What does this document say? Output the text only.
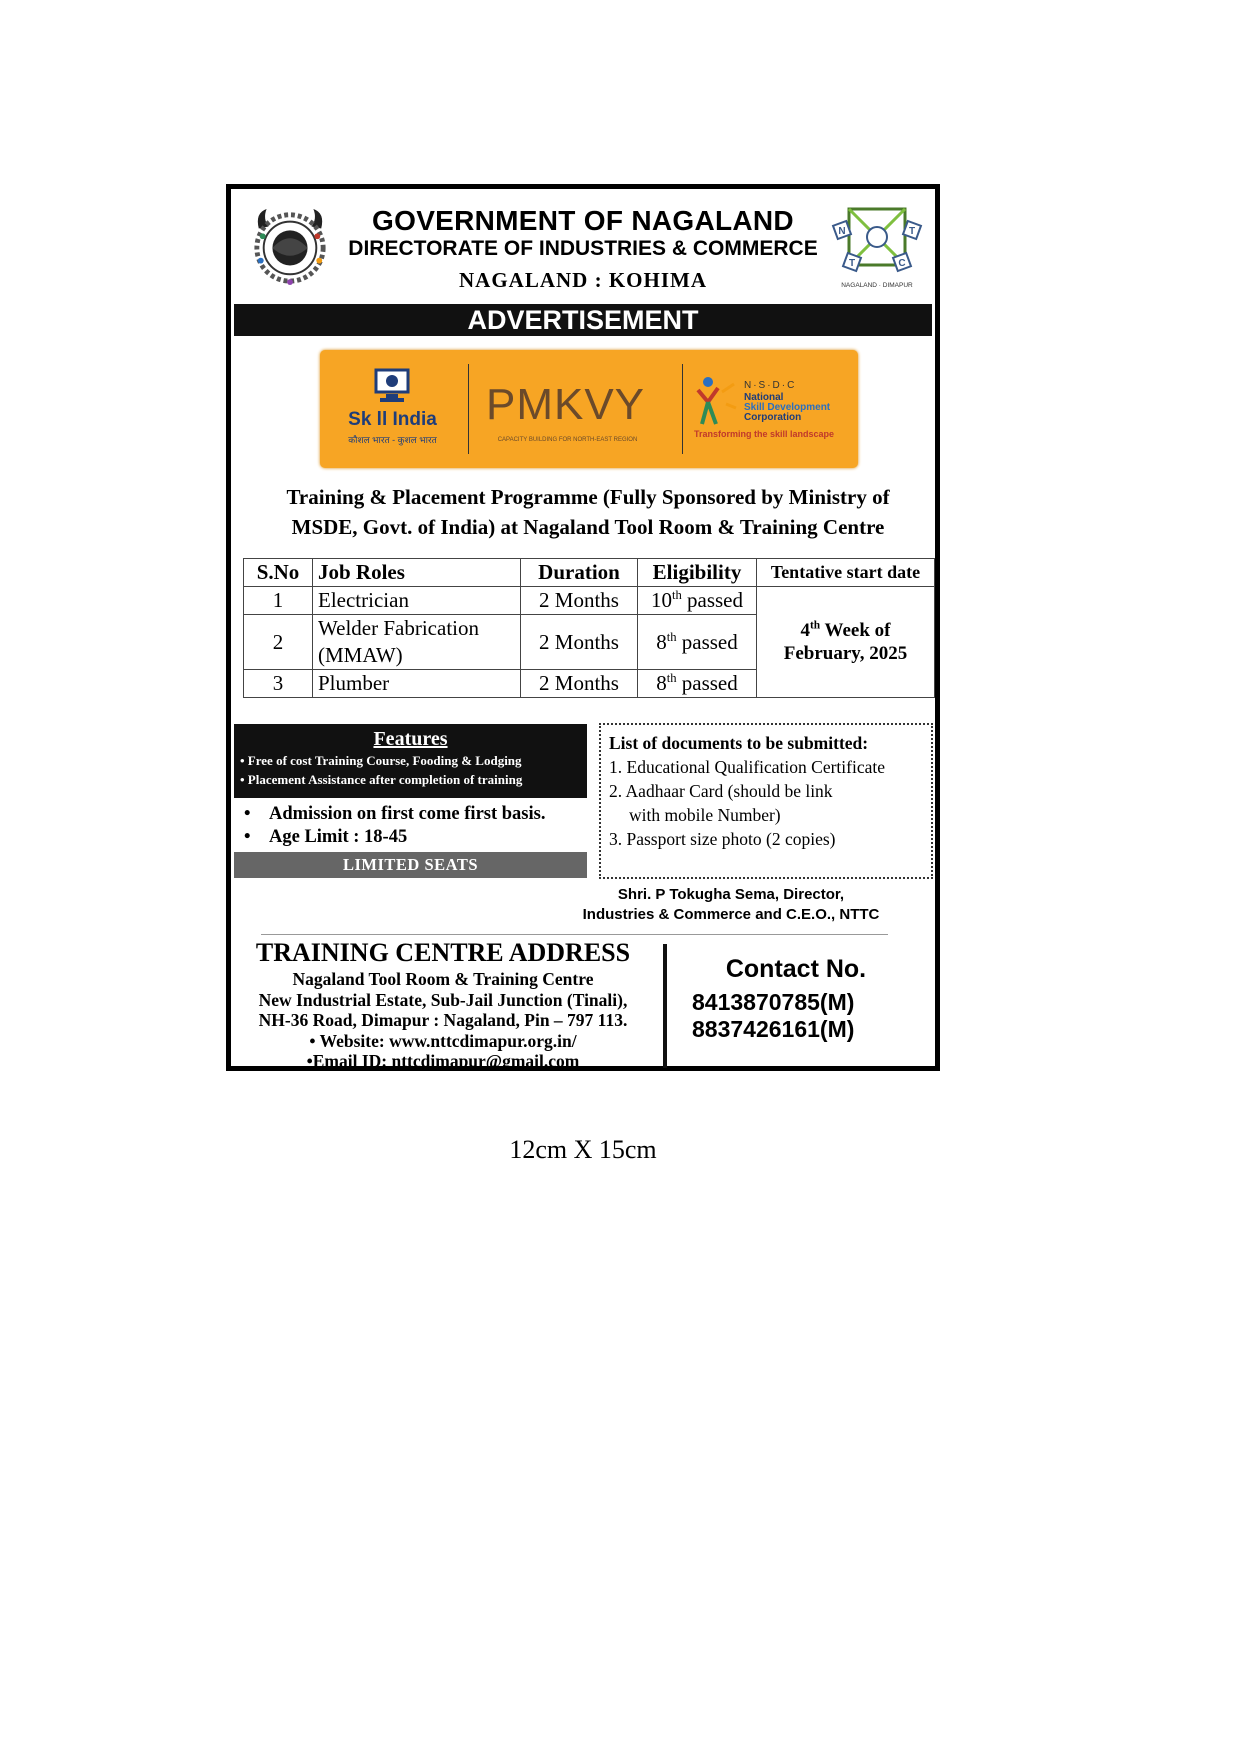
GOVERNMENT OF NAGALAND
DIRECTORATE OF INDUSTRIES & COMMERCE
NAGALAND : KOHIMA
N	T
T	C
NAGALAND · DIMAPUR
ADVERTISEMENT
Sk ll India
कौशल भारत - कुशल भारत
PMKVY
CAPACITY BUILDING FOR NORTH-EAST REGION
N·S·D·C
National
Skill Development
Corporation
Transforming the skill landscape
Training & Placement Programme (Fully Sponsored by Ministry of MSDE, Govt. of India) at Nagaland Tool Room & Training Centre
S.No	Job Roles	Duration	Eligibility	Tentative start date
1	Electrician	2 Months	10th passed	4th Week of
February, 2025

2	Welder Fabrication (MMAW)	2 Months	8th passed	
3	Plumber	2 Months	8th passed	
Features
• Free of cost Training Course, Fooding & Lodging
• Placement Assistance after completion of training
• Admission on first come first basis.
• Age Limit : 18-45
LIMITED SEATS
List of documents to be submitted:
1. Educational Qualification Certificate
2. Aadhaar Card (should be link
with mobile Number)
3. Passport size photo (2 copies)
Shri. P Tokugha Sema, Director,
Industries & Commerce and C.E.O., NTTC
TRAINING CENTRE ADDRESS
Nagaland Tool Room & Training Centre
New Industrial Estate, Sub-Jail Junction (Tinali),
NH-36 Road, Dimapur : Nagaland, Pin – 797 113.
• Website: www.nttcdimapur.org.in/
•Email ID: nttcdimapur@gmail.com
Contact No.
8413870785(M)
8837426161(M)
12cm X 15cm
